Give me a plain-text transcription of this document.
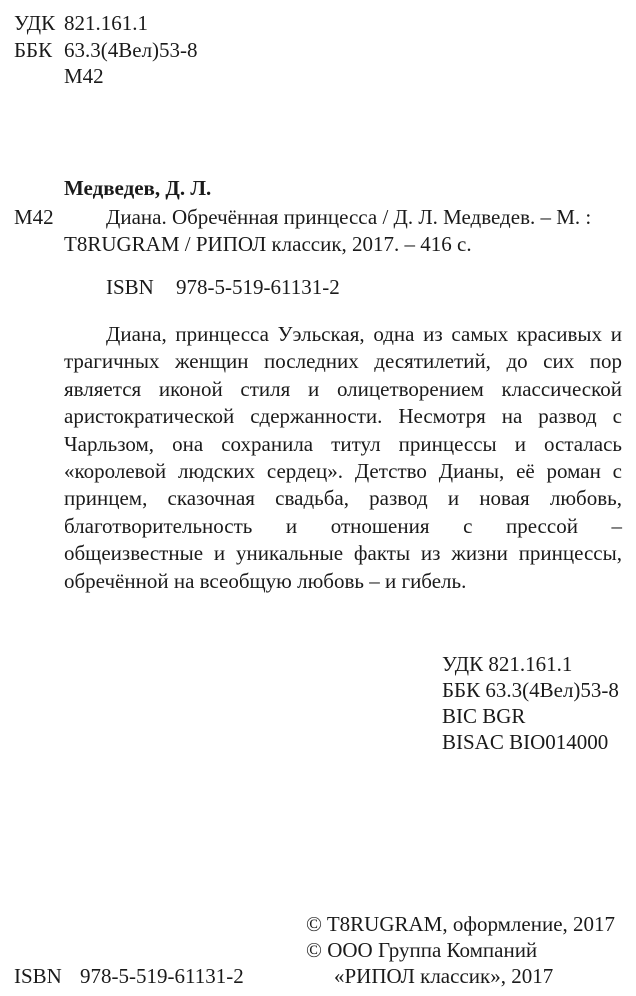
УДК 821.161.1
ББК 63.3(4Вел)53-8
М42
Медведев, Д. Л.
М42 Диана. Обречённая принцесса / Д. Л. Медведев. – М. :
T8RUGRAM / РИПОЛ классик, 2017. – 416 с.
ISBN 978-5-519-61131-2
Диана, принцесса Уэльская, одна из самых красивых и трагичных женщин последних десятилетий, до сих пор является иконой стиля и олицетворением классической аристократической сдержанности. Несмотря на развод с Чарльзом, она сохранила титул принцессы и осталась «королевой людских сердец». Детство Дианы, её роман с принцем, сказочная свадьба, развод и новая любовь, благотворительность и отношения с прессой – общеизвестные и уникальные факты из жизни принцессы, обречённой на всеобщую любовь – и гибель.
УДК 821.161.1
ББК 63.3(4Вел)53-8
BIC BGR
BISAC BIO014000
© T8RUGRAM, оформление, 2017
© ООО Группа Компаний
«РИПОЛ классик», 2017
ISBN 978-5-519-61131-2
